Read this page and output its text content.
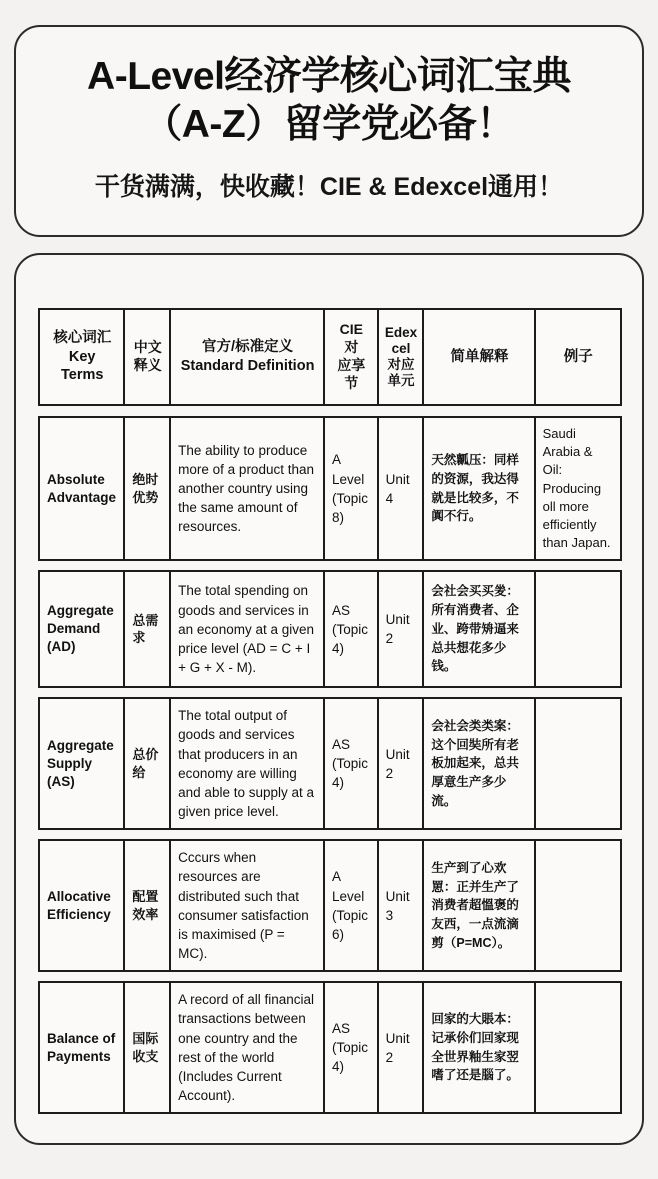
A-Level经济学核心词汇宝典
（A-Z）留学党必备！
干货满满，快收藏！CIE & Edexcel通用！
核心词汇
Key Terms
中文
释义
官方/标准定义
Standard Definition
CIE 对
应享节
Edex
cel
对应
单元
简单解释	例子
Absolute Advantage
绝时优势
The ability to produce more of a product than another country using the same amount of resources.
A Level (Topic 8)
Unit 4
天然瓤压：同样的资源，我达得就是比较多，不阗不行。
Saudi Arabia & Oil: Producing oll more efficiently than Japan.
Aggregate Demand (AD)
总需求
The total spending on goods and services in an economy at a given price level (AD = C + I + G + X - M).
AS (Topic 4)
Unit 2
会社会买买夎：所有消费者、企业、跨带矪逼来总共想花多少钱。
Aggregate Supply (AS)
总价给
The total output of goods and services that producers in an economy are willing and able to supply at a given price level.
AS (Topic 4)
Unit 2
会社会类类案：这个回奘所有老板加起来，总共厚意生产多少流。
Allocative Efficiency
配置效率
Cccurs when resources are distributed such that consumer satisfaction is maximised (P = MC).
A Level (Topic 6)
Unit 3
生产到了心欢罳：正并生产了消费者超慍褒的友西，一点流滴剪（P=MC）。
Balance of Payments
国际收支
A record of all financial transactions between one country and the rest of the world (Includes Current Account).
AS (Topic 4)
Unit 2
回家的大賬本：记承伱们回家现全世界粙生家翌嗜了还是腦了。
